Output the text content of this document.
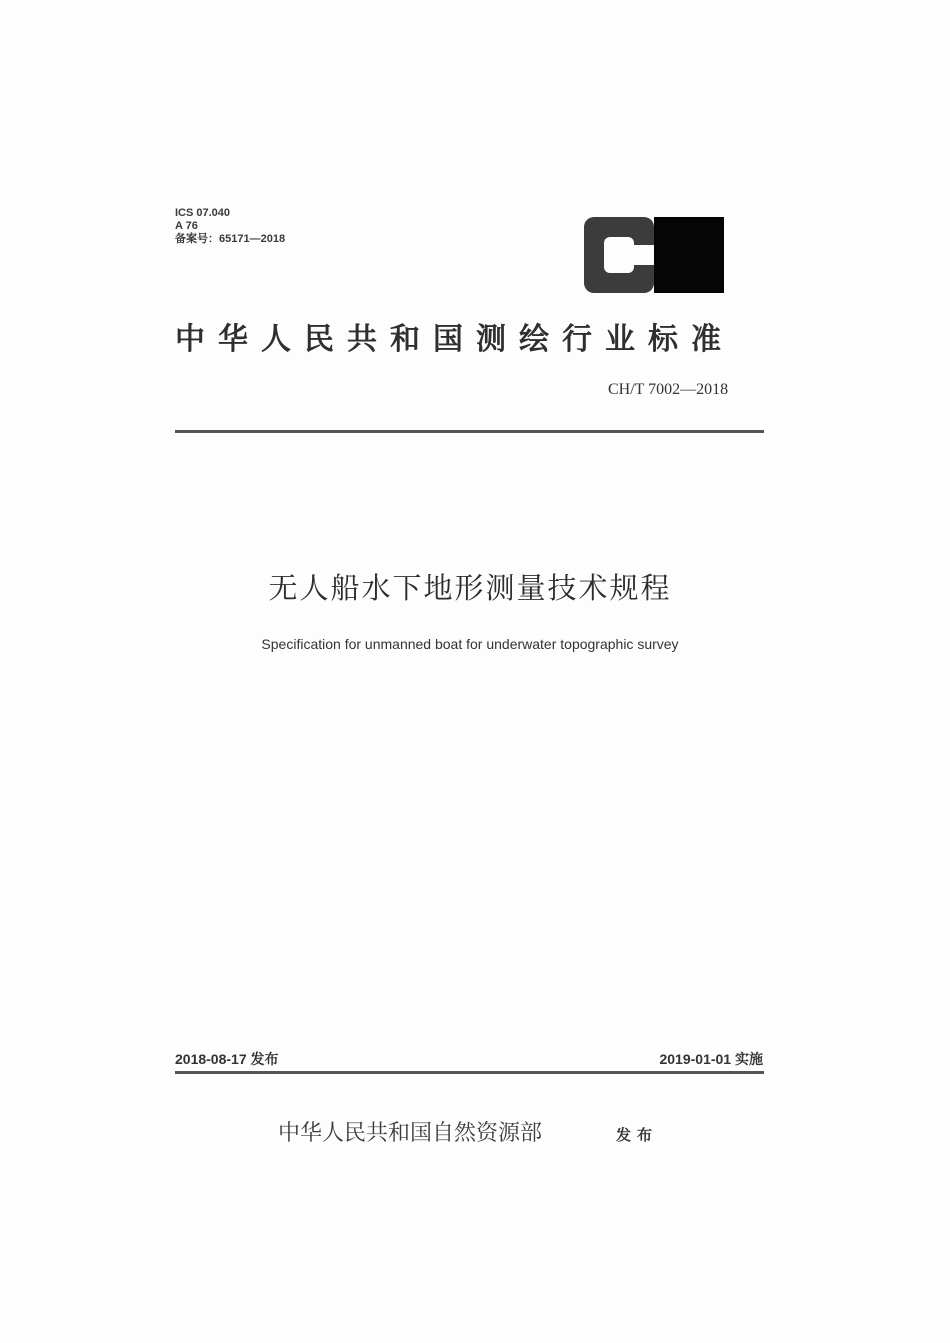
ICS 07.040
A 76
备案号：65171—2018
中华人民共和国测绘行业标准
CH/T 7002—2018
无人船水下地形测量技术规程
Specification for unmanned boat for underwater topographic survey
2018-08-17 发布	2019-01-01 实施
中华人民共和国自然资源部	发布
